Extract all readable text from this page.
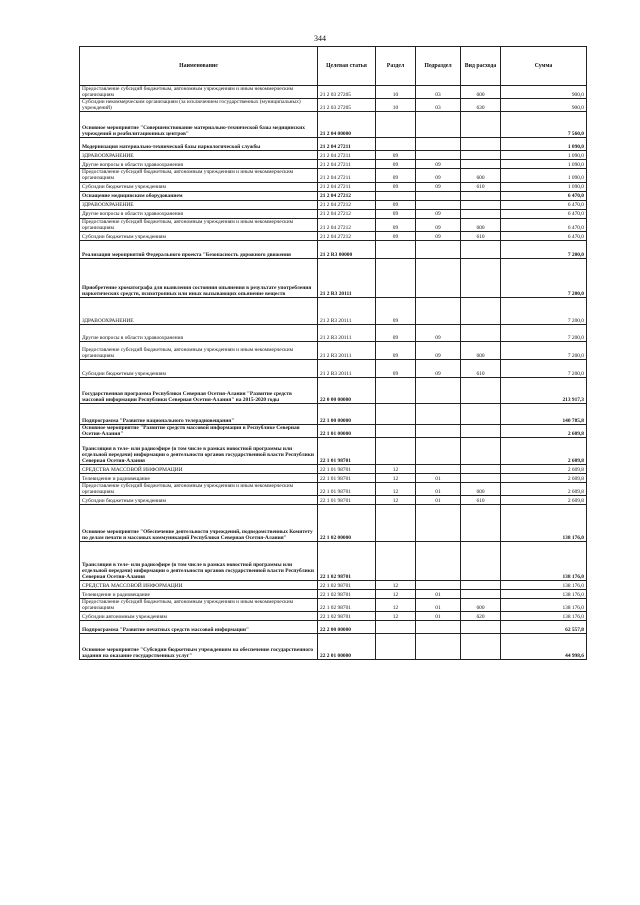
344
Наименование	Целевая статья	Раздел	Подраздел	Вид расхода	Сумма
Предоставление субсидий бюджетным, автономным учреждениям и иным некоммерческим организациям	21 2 03 27205	10	03	600	900,0
Субсидии некоммерческим организациям (за исключением государственных (муниципальных) учреждений)	21 2 03 27205	10	03	630	900,0
Основное мероприятие "Совершенствование материально-технической базы медицинских учреждений и реабилитационных центров"	21 2 04 00000				7 560,0
Модернизация материально-технической базы наркологической службы	21 2 04 27211				1 090,0
ЗДРАВООХРАНЕНИЕ	21 2 04 27211	09			1 090,0
Другие вопросы в области здравоохранения	21 2 04 27211	09	09		1 090,0
Предоставление субсидий бюджетным, автономным учреждениям и иным некоммерческим организациям	21 2 04 27211	09	09	600	1 090,0
Субсидии бюджетным учреждениям	21 2 04 27211	09	09	610	1 090,0
Оснащение медицинским оборудованием	21 2 04 27212				6 470,0
ЗДРАВООХРАНЕНИЕ	21 2 04 27212	09			6 470,0
Другие вопросы в области здравоохранения	21 2 04 27212	09	09		6 470,0
Предоставление субсидий бюджетным, автономным учреждениям и иным некоммерческим организациям	21 2 04 27212	09	09	600	6 470,0
Субсидии бюджетным учреждениям	21 2 04 27212	09	09	610	6 470,0
Реализация мероприятий Федерального проекта "Безопасность дорожного движения	21 2 R3 00000				7 200,0
Приобретение хроматографа для выявления состояния опьянения в результате употребления наркотических средств, психотропных или иных вызывающих опьянение веществ	21 2 R3 20111				7 200,0
ЗДРАВООХРАНЕНИЕ	21 2 R3 20111	09			7 200,0
Другие вопросы в области здравоохранения	21 2 R3 20111	09	09		7 200,0
Предоставление субсидий бюджетным, автономным учреждениям и иным некоммерческим организациям	21 2 R3 20111	09	09	600	7 200,0
Субсидии бюджетным учреждениям	21 2 R3 20111	09	09	610	7 200,0
Государственная программа Республики Северная Осетия-Алания "Развитие средств массовой информации Республики Северная Осетия-Алания" на 2015-2020 годы	22 0 00 00000				213 917,3
Подпрограмма "Развитие национального телерадиовещания"	22 1 00 00000				140 785,8
Основное мероприятие "Развитие средств массовой информации в Республике Северная Осетия-Алания"	22 1 01 00000				2 609,8
Трансляция в теле- или радиоэфире (в том числе в рамках новостной программы или отдельной передачи) информации о деятельности органов государственной власти Республики Северная Осетия-Алания	22 1 01 98701				2 609,8
СРЕДСТВА МАССОВОЙ ИНФОРМАЦИИ	22 1 01 98701	12			2 609,8
Телевидение и радиовещание	22 1 01 98701	12	01		2 609,8
Предоставление субсидий бюджетным, автономным учреждениям и иным некоммерческим организациям	22 1 01 98701	12	01	600	2 609,8
Субсидии бюджетным учреждениям	22 1 01 98701	12	01	610	2 609,8
Основное мероприятие "Обеспечение деятельности учреждений, подведомственных Комитету по делам печати и массовых коммуникаций Республики Северная Осетия-Алания"	22 1 02 00000				138 176,0
Трансляция в теле- или радиоэфире (в том числе в рамках новостной программы или отдельной передачи) информации о деятельности органов государственной власти Республики Северная Осетия-Алания	22 1 02 98701				138 176,0
СРЕДСТВА МАССОВОЙ ИНФОРМАЦИИ	22 1 02 98701	12			138 176,0
Телевидение и радиовещание	22 1 02 98701	12	01		138 176,0
Предоставление субсидий бюджетным, автономным учреждениям и иным некоммерческим организациям	22 1 02 98701	12	01	600	138 176,0
Субсидии автономным учреждениям	22 1 02 98701	12	01	620	138 176,0
Подпрограмма "Развитие печатных средств массовой информации"	22 2 00 00000				62 557,8
Основное мероприятие "Субсидии бюджетным учреждениям на обеспечение государственного задания на оказание государственных услуг"	22 2 01 00000				44 998,6
